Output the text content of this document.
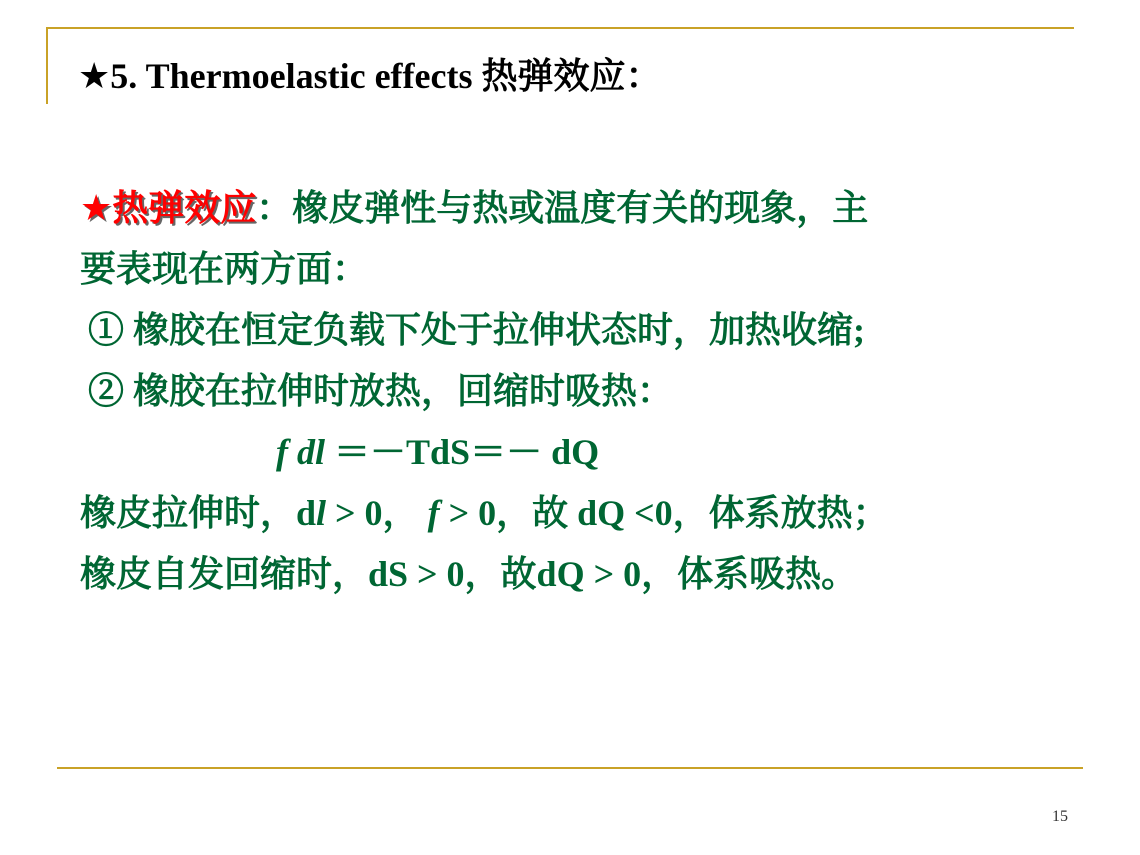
★5. Thermoelastic effects 热弹效应：
★热弹效应：橡皮弹性与热或温度有关的现象，主
要表现在两方面：
① 橡胶在恒定负载下处于拉伸状态时，加热收缩;
② 橡胶在拉伸时放热，回缩时吸热：
f dl ＝－TdS＝－ dQ
橡皮拉伸时，dl > 0， f > 0，故 dQ <0，体系放热；
橡皮自发回缩时，dS > 0，故dQ > 0，体系吸热。
15
